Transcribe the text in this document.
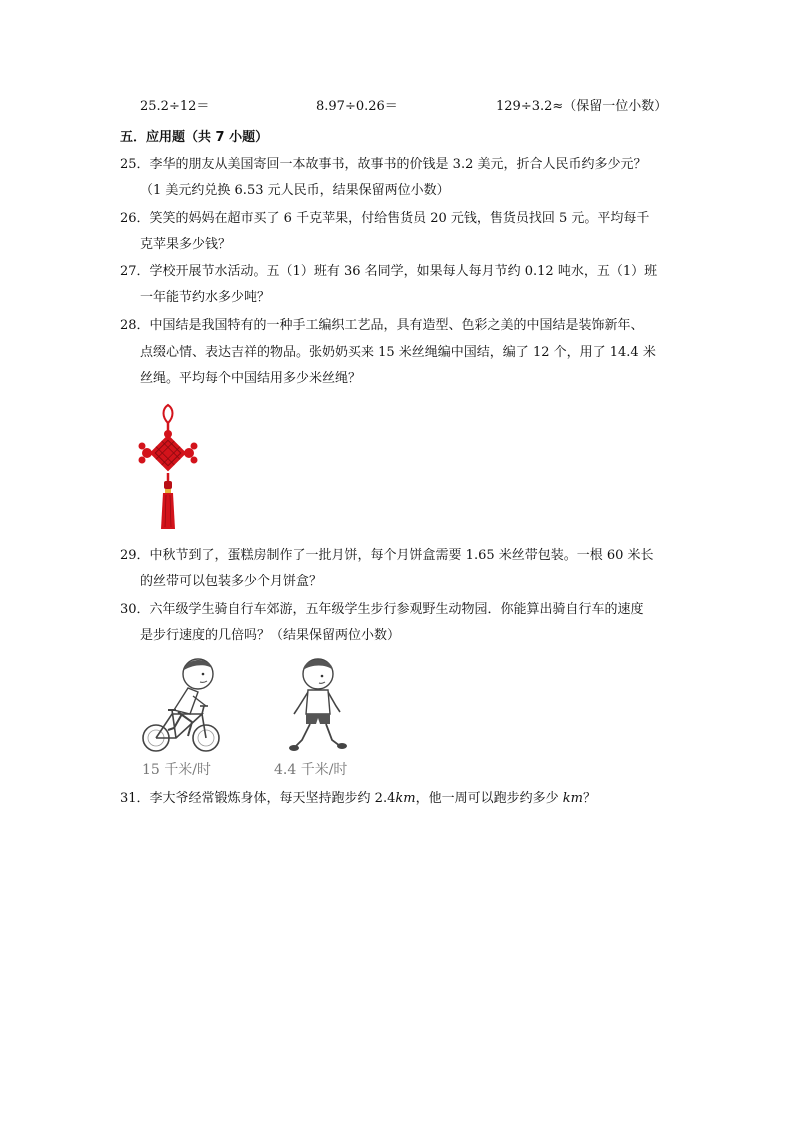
25.2÷12＝	8.97÷0.26＝	129÷3.2≈（保留一位小数）
五．应用题（共 7 小题）
25．李华的朋友从美国寄回一本故事书，故事书的价钱是 3.2 美元，折合人民币约多少元？
（1 美元约兑换 6.53 元人民币，结果保留两位小数）
26．笑笑的妈妈在超市买了 6 千克苹果，付给售货员 20 元钱，售货员找回 5 元。平均每千
克苹果多少钱？
27．学校开展节水活动。五（1）班有 36 名同学，如果每人每月节约 0.12 吨水，五（1）班
一年能节约水多少吨？
28．中国结是我国特有的一种手工编织工艺品，具有造型、色彩之美的中国结是装饰新年、
点缀心情、表达吉祥的物品。张奶奶买来 15 米丝绳编中国结，编了 12 个，用了 14.4 米
丝绳。平均每个中国结用多少米丝绳？
29．中秋节到了，蛋糕房制作了一批月饼，每个月饼盒需要 1.65 米丝带包装。一根 60 米长
的丝带可以包装多少个月饼盒？
30．六年级学生骑自行车郊游，五年级学生步行参观野生动物园．你能算出骑自行车的速度
是步行速度的几倍吗？（结果保留两位小数）
15 千米/时	4.4 千米/时
31．李大爷经常锻炼身体，每天坚持跑步约 2.4km，他一周可以跑步约多少 km？
